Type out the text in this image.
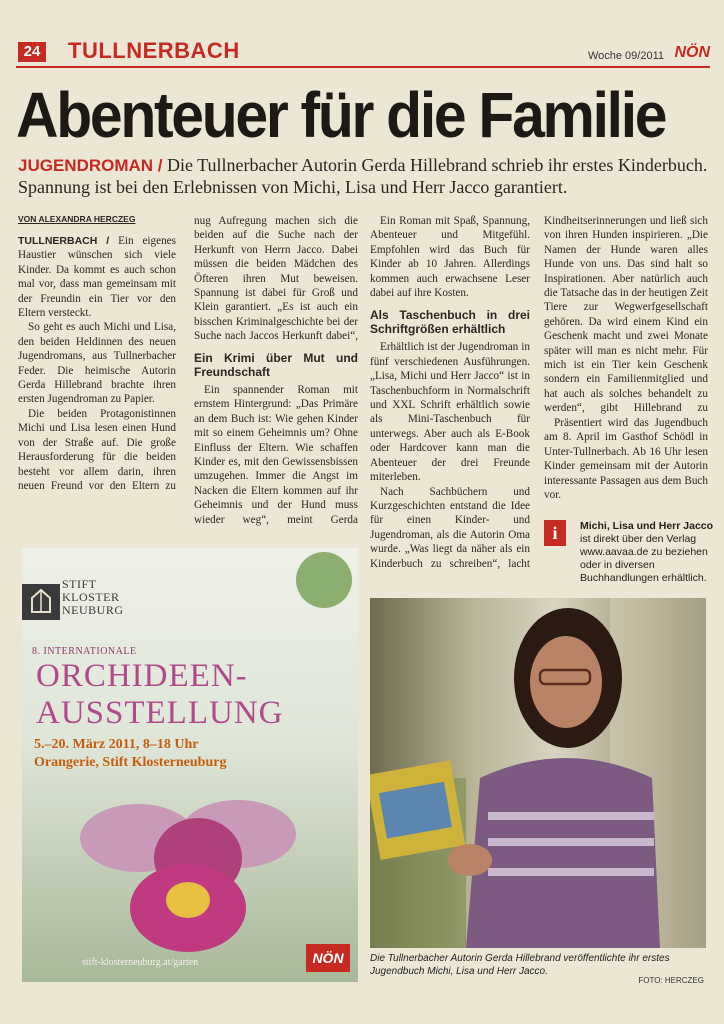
24 TULLNERBACH	Woche 09/2011 NÖN
Abenteuer für die Familie
JUGENDROMAN / Die Tullnerbacher Autorin Gerda Hillebrand schrieb ihr erstes Kinderbuch. Spannung ist bei den Erlebnissen von Michi, Lisa und Herr Jacco garantiert.
VON ALEXANDRA HERCZEG

TULLNERBACH / Ein eigenes Haustier wünschen sich viele Kinder. Da kommt es auch schon mal vor, dass man gemeinsam mit der Freundin ein Tier vor den Eltern versteckt.

So geht es auch Michi und Lisa, den beiden Heldinnen des neuen Jugendromans, aus Tullnerbacher Feder. Die heimische Autorin Gerda Hillebrand brachte ihren ersten Jugendroman zu Papier.

Die beiden Protagonistinnen Michi und Lisa lesen einen Hund von der Straße auf. Die große Herausforderung für die beiden besteht vor allem darin, ihren neuen Freund vor den Eltern zu

nug Aufregung machen sich die beiden auf die Suche nach der Herkunft von Herrn Jacco. Dabei müssen die beiden Mädchen des Öfteren ihren Mut beweisen. Spannung ist dabei für Groß und Klein garantiert. „Es ist auch ein bisschen Kriminalgeschichte bei der Suche nach Jaccos Herkunft dabei“,

Ein Krimi über Mut und Freundschaft

Ein spannender Roman mit ernstem Hintergrund: „Das Primäre an dem Buch ist: Wie gehen Kinder mit so einem Geheimnis um? Ohne Einfluss der Eltern. Wie schaffen Kinder es, mit den Gewissensbissen umzugehen. Immer die Angst im Nacken die Eltern kommen auf ihr Geheimnis und der Hund muss wieder weg“, meint Gerda

Ein Roman mit Spaß, Spannung, Abenteuer und Mitgefühl. Empfohlen wird das Buch für Kinder ab 10 Jahren. Allerdings kommen auch erwachsene Leser dabei auf ihre Kosten.

Als Taschenbuch in drei Schriftgrößen erhältlich

Erhältlich ist der Jugendroman in fünf verschiedenen Ausführungen. „Lisa, Michi und Herr Jacco“ ist in Taschenbuchform in Normalschrift und XXL Schrift erhältlich sowie als Mini-Taschenbuch für unterwegs. Aber auch als E-Book oder Hardcover kann man die Abenteuer der drei Freunde miterleben.

Nach Sachbüchern und Kurzgeschichten entstand die Idee für einen Kinder- und Jugendroman, als die Autorin Oma wurde. „Was liegt da näher als ein Kinderbuch zu schreiben“, lacht

Kindheitserinnerungen und ließ sich von ihren Hunden inspirieren. „Die Namen der Hunde waren alles Hunde von uns. Das sind halt so Inspirationen. Aber natürlich auch die Tatsache das in der heutigen Zeit Tiere zur Wegwerfgesellschaft gehören. Da wird einem Kind ein Geschenk macht und zwei Monate später will man es nicht mehr. Für mich ist ein Tier kein Geschenk sondern ein Familienmitglied und hat auch als solches behandelt zu werden“, gibt Hillebrand zu

Präsentiert wird das Jugendbuch am 8. April im Gasthof Schödl in Unter-Tullnerbach. Ab 16 Uhr lesen Kinder gemeinsam mit der Autorin interessante Passagen aus dem Buch vor.

i	Michi, Lisa und Herr Jacco
ist direkt über den Verlag www.aavaa.de zu beziehen oder in diversen Buchhandlungen erhältlich.
STIFT
KLOSTER
NEUBURG
8. INTERNATIONALE
ORCHIDEEN-
AUSSTELLUNG
5.–20. März 2011, 8–18 Uhr
Orangerie, Stift Klosterneuburg
stift-klosterneuburg.at/garten	NÖN	Die Tullnerbacher Autorin Gerda Hillebrand veröffentlichte ihr erstes Jugendbuch Michi, Lisa und Herr Jacco.
FOTO: HERCZEG
